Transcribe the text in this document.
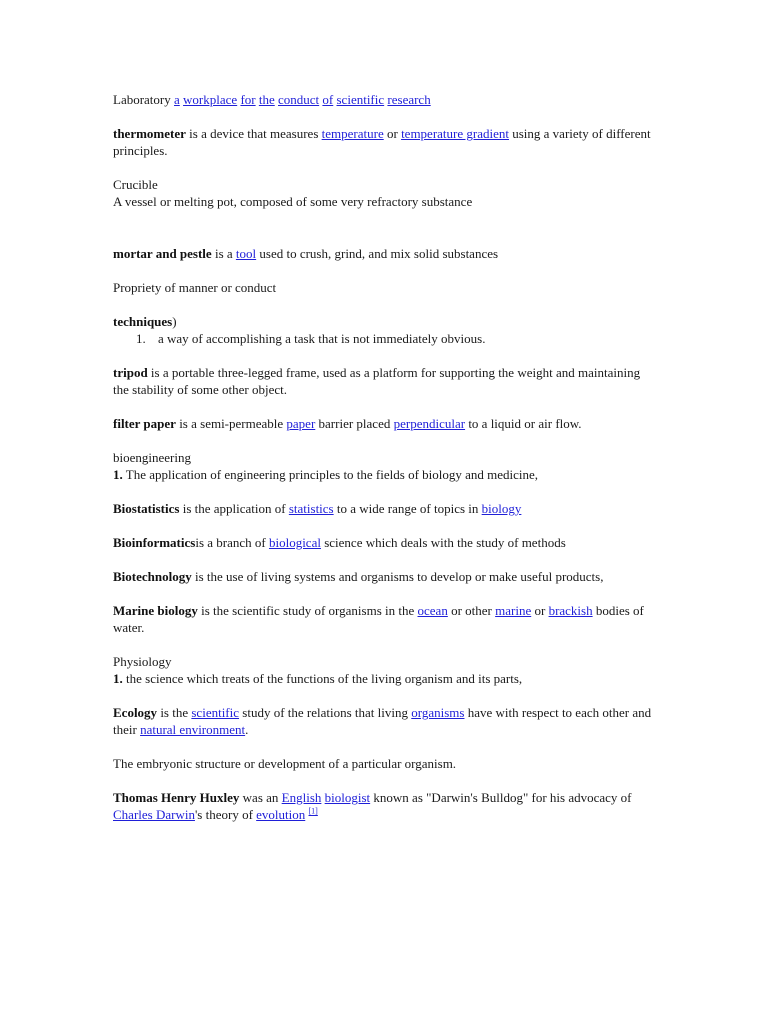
Laboratory a workplace for the conduct of scientific research

thermometer is a device that measures temperature or temperature gradient using a variety of different principles.

Crucible

A vessel or melting pot, composed of some very refractory substance

mortar and pestle is a tool used to crush, grind, and mix solid substances

Propriety of manner or conduct

techniques)

1. a way of accomplishing a task that is not immediately obvious.

tripod is a portable three-legged frame, used as a platform for supporting the weight and maintaining the stability of some other object.

filter paper is a semi-permeable paper barrier placed perpendicular to a liquid or air flow.

bioengineering

1. The application of engineering principles to the fields of biology and medicine,

Biostatistics is the application of statistics to a wide range of topics in biology

Bioinformaticsis a branch of biological science which deals with the study of methods

Biotechnology is the use of living systems and organisms to develop or make useful products,

Marine biology is the scientific study of organisms in the ocean or other marine or brackish bodies of water.

Physiology

1. the science which treats of the functions of the living organism and its parts,

Ecology is the scientific study of the relations that living organisms have with respect to each other and their natural environment.

The embryonic structure or development of a particular organism.

Thomas Henry Huxley was an English biologist known as "Darwin's Bulldog" for his advocacy of Charles Darwin's theory of evolution [1]
